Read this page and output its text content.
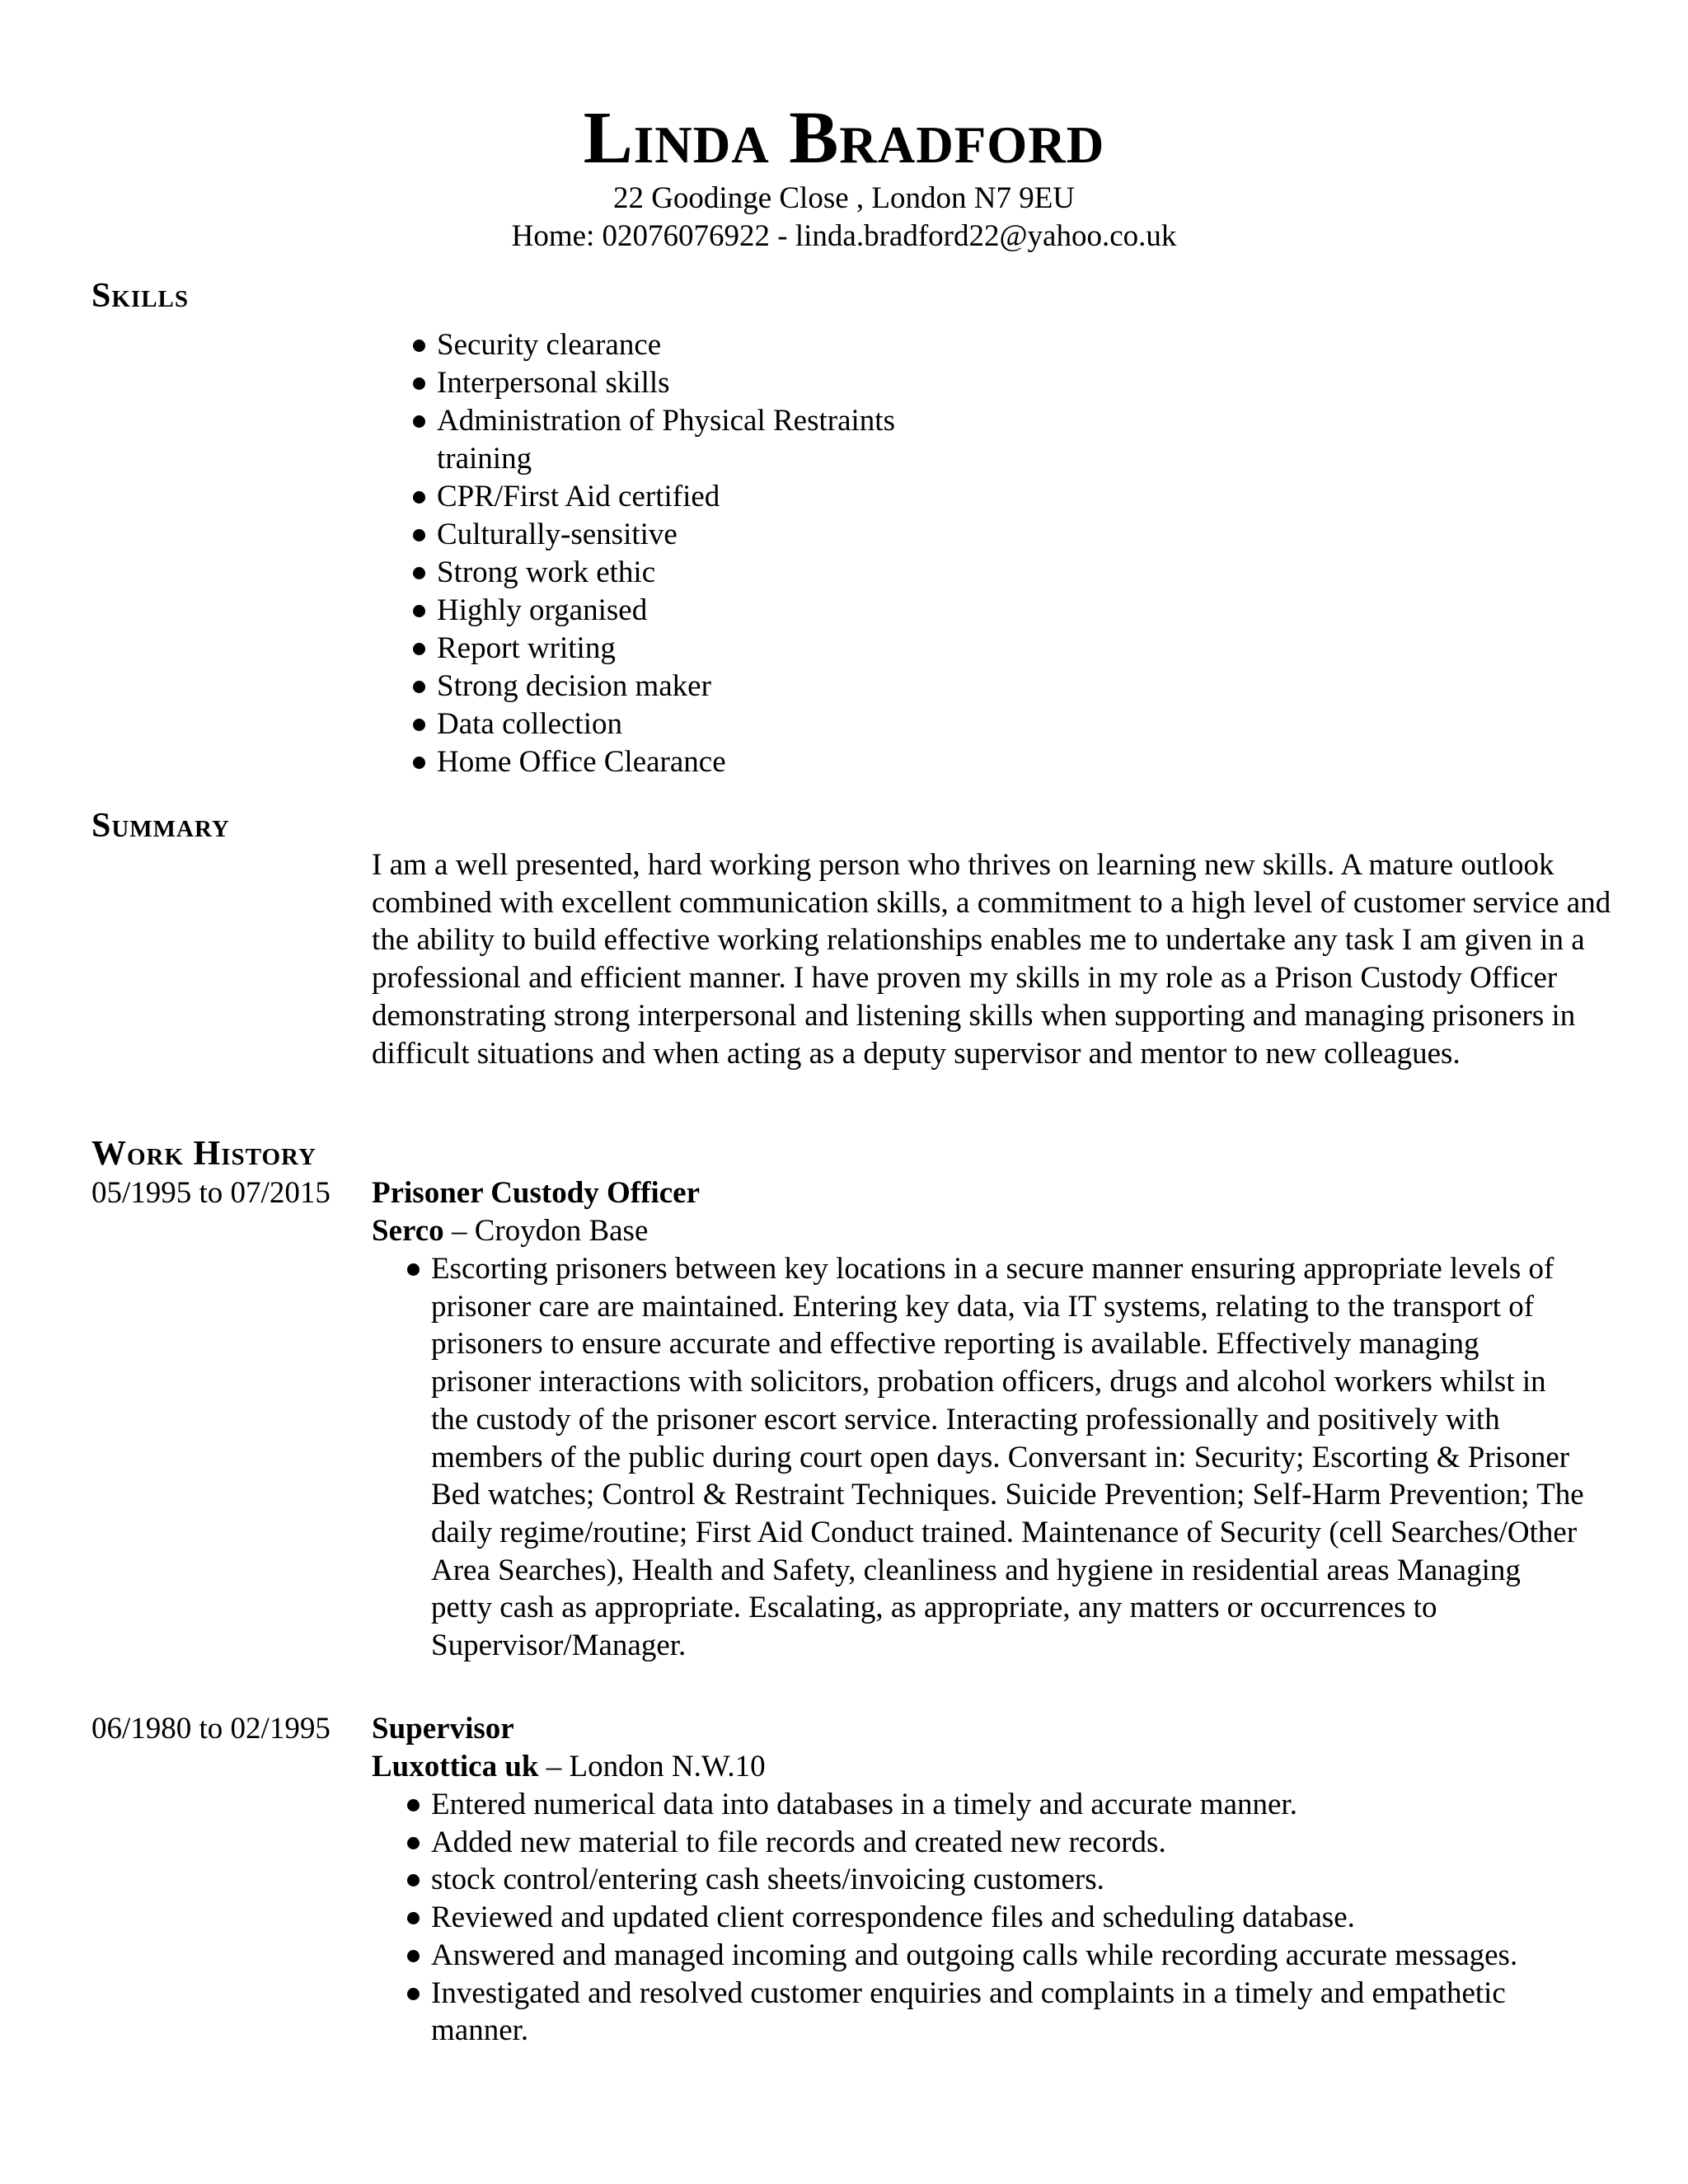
Linda Bradford
22 Goodinge Close , London N7 9EU
Home: 02076076922 - linda.bradford22@yahoo.co.uk
Skills
Security clearance
Interpersonal skills
Administration of Physical Restraints training
CPR/First Aid certified
Culturally-sensitive
Strong work ethic
Highly organised
Report writing
Strong decision maker
Data collection
Home Office Clearance
Summary

I am a well presented, hard working person who thrives on learning new skills. A mature outlook combined with excellent communication skills, a commitment to a high level of customer service and the ability to build effective working relationships enables me to undertake any task I am given in a professional and efficient manner. I have proven my skills in my role as a Prison Custody Officer demonstrating strong interpersonal and listening skills when supporting and managing prisoners in difficult situations and when acting as a deputy supervisor and mentor to new colleagues.

Work History
05/1995 to 07/2015 Prisoner Custody Officer
Serco – Croydon Base
Escorting prisoners between key locations in a secure manner ensuring appropriate levels of prisoner care are maintained. Entering key data, via IT systems, relating to the transport of prisoners to ensure accurate and effective reporting is available. Effectively managing prisoner interactions with solicitors, probation officers, drugs and alcohol workers whilst in the custody of the prisoner escort service. Interacting professionally and positively with members of the public during court open days. Conversant in: Security; Escorting & Prisoner Bed watches; Control & Restraint Techniques. Suicide Prevention; Self-Harm Prevention; The daily regime/routine; First Aid Conduct trained. Maintenance of Security (cell Searches/Other Area Searches), Health and Safety, cleanliness and hygiene in residential areas Managing petty cash as appropriate. Escalating, as appropriate, any matters or occurrences to Supervisor/Manager.
06/1980 to 02/1995 Supervisor
Luxottica uk – London N.W.10
Entered numerical data into databases in a timely and accurate manner.
Added new material to file records and created new records.
stock control/entering cash sheets/invoicing customers.
Reviewed and updated client correspondence files and scheduling database.
Answered and managed incoming and outgoing calls while recording accurate messages.
Investigated and resolved customer enquiries and complaints in a timely and empathetic manner.
